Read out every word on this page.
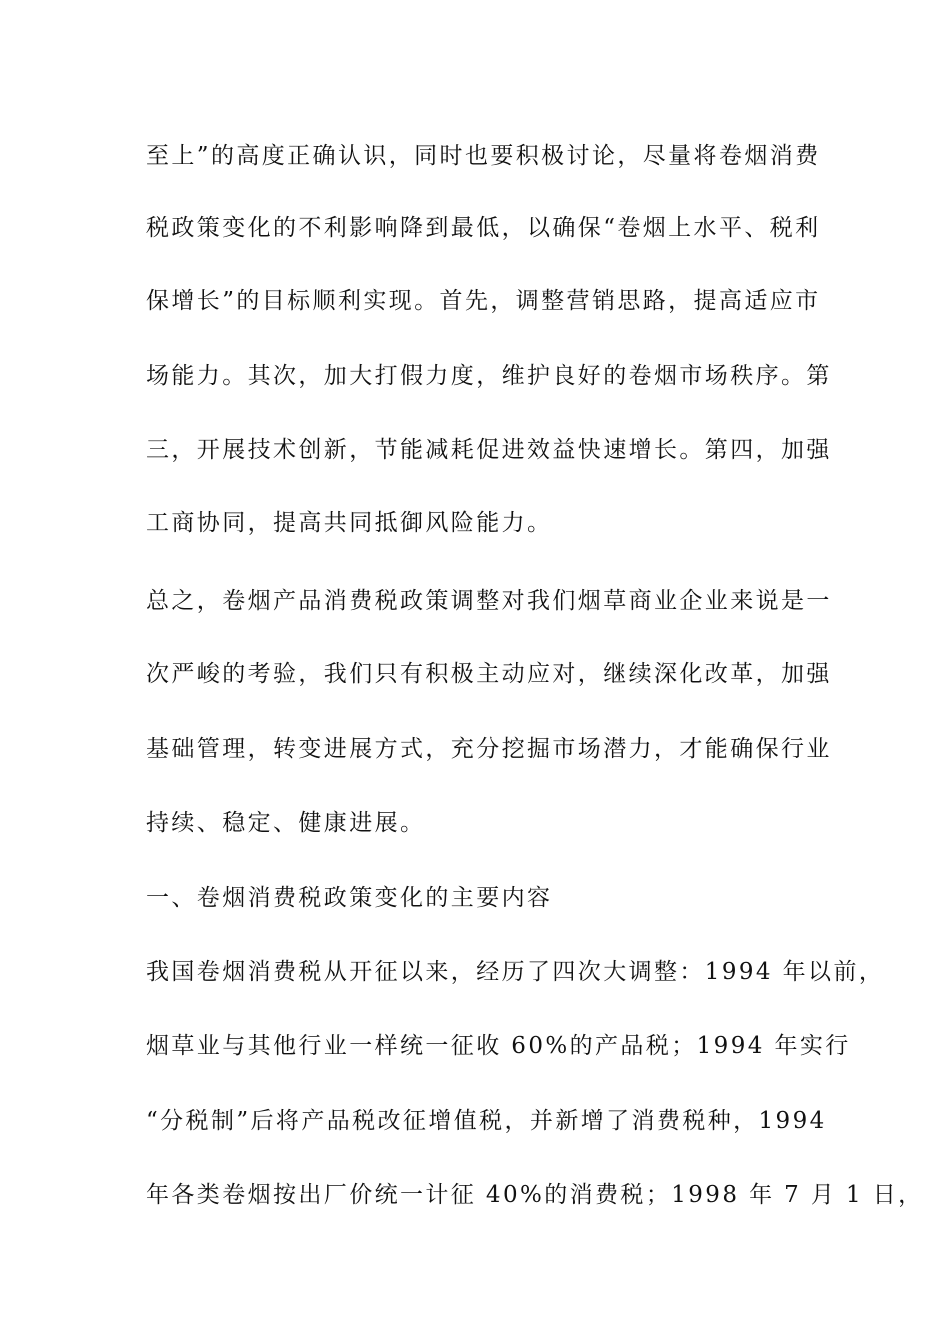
至上”的高度正确认识，同时也要积极讨论，尽量将卷烟消费
税政策变化的不利影响降到最低，以确保“卷烟上水平、税利
保增长”的目标顺利实现。首先，调整营销思路，提高适应市
场能力。其次，加大打假力度，维护良好的卷烟市场秩序。第
三，开展技术创新，节能减耗促进效益快速增长。第四，加强
工商协同，提高共同抵御风险能力。
总之，卷烟产品消费税政策调整对我们烟草商业企业来说是一
次严峻的考验，我们只有积极主动应对，继续深化改革，加强
基础管理，转变进展方式，充分挖掘市场潜力，才能确保行业
持续、稳定、健康进展。
一、卷烟消费税政策变化的主要内容
我国卷烟消费税从开征以来，经历了四次大调整：1994 年以前，
烟草业与其他行业一样统一征收 60%的产品税；1994 年实行
“分税制”后将产品税改征增值税，并新增了消费税种，1994
年各类卷烟按出厂价统一计征 40%的消费税；1998 年 7 月 1 日，
